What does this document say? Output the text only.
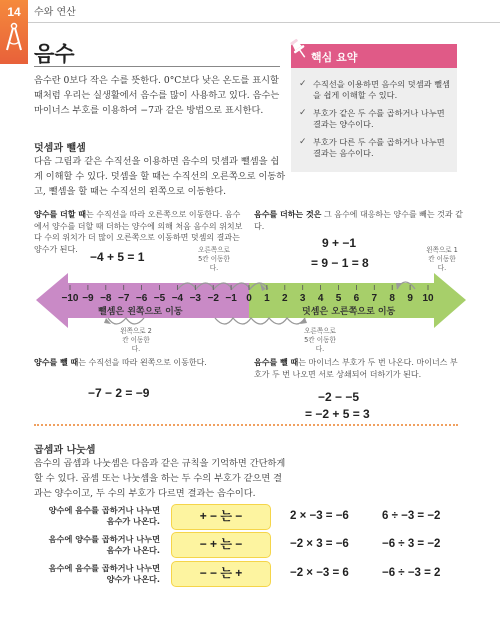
14	수와 연산
음수
음수란 0보다 작은 수를 뜻한다. 0°C보다 낮은 온도를 표시할 때처럼 우리는 실생활에서 음수를 많이 사용하고 있다. 음수는 마이너스 부호를 이용하여 −7과 같은 방법으로 표시한다.
핵심 요약
✓ 수직선을 이용하면 음수의 덧셈과 뺄셈을 쉽게 이해할 수 있다.
✓ 부호가 같은 두 수를 곱하거나 나누면 결과는 양수이다.
✓ 부호가 다른 두 수를 곱하거나 나누면 결과는 음수이다.
덧셈과 뺄셈
다음 그림과 같은 수직선을 이용하면 음수의 덧셈과 뺄셈을 쉽게 이해할 수 있다. 덧셈을 할 때는 수직선의 오른쪽으로 이동하고, 뺄셈을 할 때는 수직선의 왼쪽으로 이동한다.
양수를 더할 때는 수직선을 따라 오른쪽으로 이동한다. 음수에서 양수를 더할 때 더하는 양수에 의해 처음 음수의 위치보다 수의 위치가 더 많이 오른쪽으로 이동하면 덧셈의 결과는 양수가 된다.
−4 + 5 = 1	오른쪽으로 5칸 이동한다.
음수를 더하는 것은 그 음수에 대응하는 양수를 빼는 것과 같다.
9 + −1
= 9 − 1 = 8
왼쪽으로 1칸 이동한다.
−10 −9 −8 −7 −6 −5 −4 −3 −2 −1 0 1 2 3 4 5 6 7 8 9 10
뺄셈은 왼쪽으로 이동	덧셈은 오른쪽으로 이동
왼쪽으로 2칸 이동한다.
오른쪽으로 5칸 이동한다.
양수를 뺄 때는 수직선을 따라 왼쪽으로 이동한다.
−7 − 2 = −9
음수를 뺄 때는 마이너스 부호가 두 번 나온다. 마이너스 부호가 두 번 나오면 서로 상쇄되어 더하기가 된다.
−2 − −5
= −2 + 5 = 3
곱셈과 나눗셈
음수의 곱셈과 나눗셈은 다음과 같은 규칙을 기억하면 간단하게 할 수 있다. 곱셈 또는 나눗셈을 하는 두 수의 부호가 같으면 결과는 양수이고, 두 수의 부호가 다르면 결과는 음수이다.
양수에 음수를 곱하거나 나누면
음수가 나온다.	+ − 는 −	2 × −3 = −6	6 ÷ −3 = −2
음수에 양수를 곱하거나 나누면
음수가 나온다.	− + 는 −	−2 × 3 = −6	−6 ÷ 3 = −2
음수에 음수를 곱하거나 나누면
양수가 나온다.	− − 는 +	−2 × −3 = 6	−6 ÷ −3 = 2
